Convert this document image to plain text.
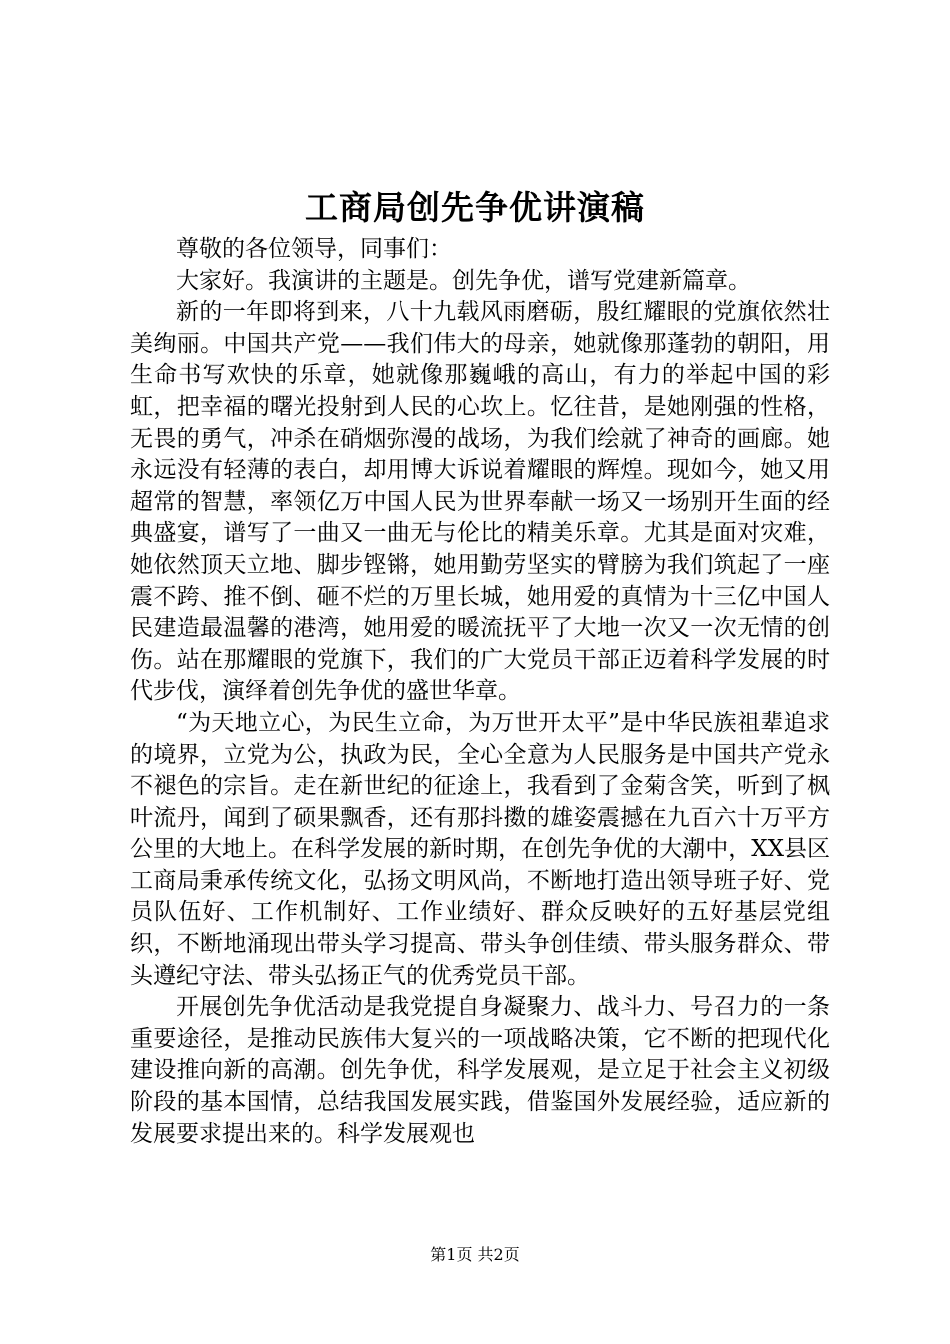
工商局创先争优讲演稿

尊敬的各位领导，同事们：

大家好。我演讲的主题是。创先争优，谱写党建新篇章。

新的一年即将到来，八十九载风雨磨砺，殷红耀眼的党旗依然壮美绚丽。中国共产党——我们伟大的母亲，她就像那蓬勃的朝阳，用生命书写欢快的乐章，她就像那巍峨的高山，有力的举起中国的彩虹，把幸福的曙光投射到人民的心坎上。忆往昔，是她刚强的性格，无畏的勇气，冲杀在硝烟弥漫的战场，为我们绘就了神奇的画廊。她永远没有轻薄的表白，却用博大诉说着耀眼的辉煌。现如今，她又用超常的智慧，率领亿万中国人民为世界奉献一场又一场别开生面的经典盛宴，谱写了一曲又一曲无与伦比的精美乐章。尤其是面对灾难，她依然顶天立地、脚步铿锵，她用勤劳坚实的臂膀为我们筑起了一座震不跨、推不倒、砸不烂的万里长城，她用爱的真情为十三亿中国人民建造最温馨的港湾，她用爱的暖流抚平了大地一次又一次无情的创伤。站在那耀眼的党旗下，我们的广大党员干部正迈着科学发展的时代步伐，演绎着创先争优的盛世华章。

“为天地立心，为民生立命，为万世开太平”是中华民族祖辈追求的境界，立党为公，执政为民，全心全意为人民服务是中国共产党永不褪色的宗旨。走在新世纪的征途上，我看到了金菊含笑，听到了枫叶流丹，闻到了硕果飘香，还有那抖擞的雄姿震撼在九百六十万平方公里的大地上。在科学发展的新时期，在创先争优的大潮中，XX县区工商局秉承传统文化，弘扬文明风尚，不断地打造出领导班子好、党员队伍好、工作机制好、工作业绩好、群众反映好的五好基层党组织，不断地涌现出带头学习提高、带头争创佳绩、带头服务群众、带头遵纪守法、带头弘扬正气的优秀党员干部。

开展创先争优活动是我党提自身凝聚力、战斗力、号召力的一条重要途径，是推动民族伟大复兴的一项战略决策，它不断的把现代化建设推向新的高潮。创先争优，科学发展观，是立足于社会主义初级阶段的基本国情，总结我国发展实践，借鉴国外发展经验，适应新的发展要求提出来的。科学发展观也

第1页 共2页
